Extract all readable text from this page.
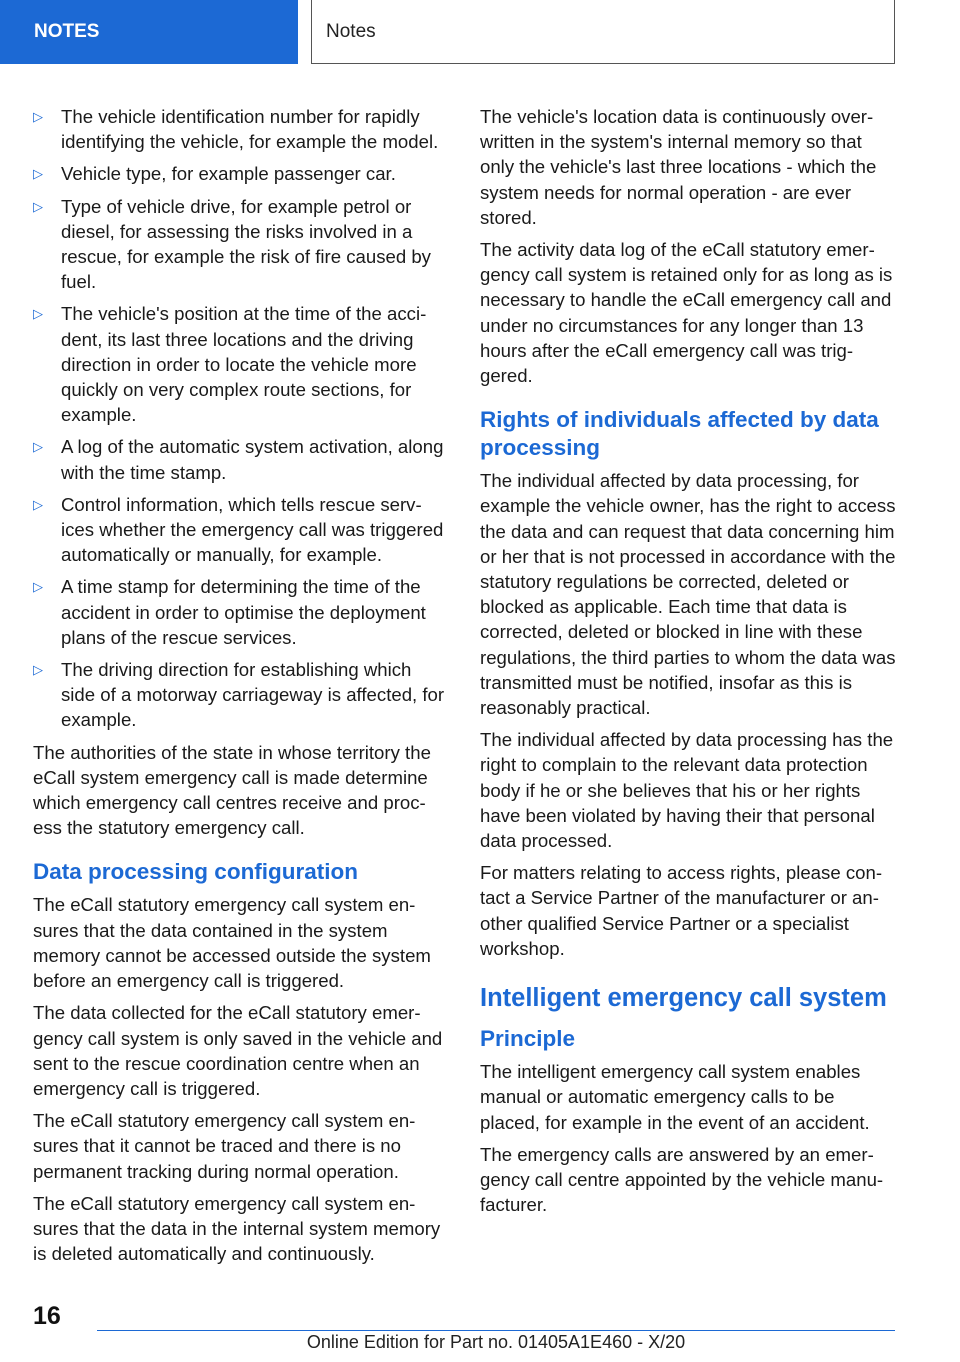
NOTES	Notes
▷ The vehicle identification number for rapidly identifying the vehicle, for example the model.
▷ Vehicle type, for example passenger car.
▷ Type of vehicle drive, for example petrol or diesel, for assessing the risks involved in a rescue, for example the risk of fire caused by fuel.
▷ The vehicle's position at the time of the accident, its last three locations and the driving direction in order to locate the vehicle more quickly on very complex route sections, for example.
▷ A log of the automatic system activation, along with the time stamp.
▷ Control information, which tells rescue services whether the emergency call was triggered automatically or manually, for example.
▷ A time stamp for determining the time of the accident in order to optimise the deployment plans of the rescue services.
▷ The driving direction for establishing which side of a motorway carriageway is affected, for example.

The authorities of the state in whose territory the eCall system emergency call is made determine which emergency call centres receive and process the statutory emergency call.

Data processing configuration

The eCall statutory emergency call system ensures that the data contained in the system memory cannot be accessed outside the system before an emergency call is triggered.

The data collected for the eCall statutory emergency call system is only saved in the vehicle and sent to the rescue coordination centre when an emergency call is triggered.

The eCall statutory emergency call system ensures that it cannot be traced and there is no permanent tracking during normal operation.

The eCall statutory emergency call system ensures that the data in the internal system memory is deleted automatically and continuously.

The vehicle's location data is continuously overwritten in the system's internal memory so that only the vehicle's last three locations - which the system needs for normal operation - are ever stored.

The activity data log of the eCall statutory emergency call system is retained only for as long as is necessary to handle the eCall emergency call and under no circumstances for any longer than 13 hours after the eCall emergency call was triggered.

Rights of individuals affected by data processing

The individual affected by data processing, for example the vehicle owner, has the right to access the data and can request that data concerning him or her that is not processed in accordance with the statutory regulations be corrected, deleted or blocked as applicable. Each time that data is corrected, deleted or blocked in line with these regulations, the third parties to whom the data was transmitted must be notified, insofar as this is reasonably practical.

The individual affected by data processing has the right to complain to the relevant data protection body if he or she believes that his or her rights have been violated by having their that personal data processed.

For matters relating to access rights, please contact a Service Partner of the manufacturer or another qualified Service Partner or a specialist workshop.

Intelligent emergency call system
Principle

The intelligent emergency call system enables manual or automatic emergency calls to be placed, for example in the event of an accident.

The emergency calls are answered by an emergency call centre appointed by the vehicle manufacturer.

16
Online Edition for Part no. 01405A1E460 - X/20
